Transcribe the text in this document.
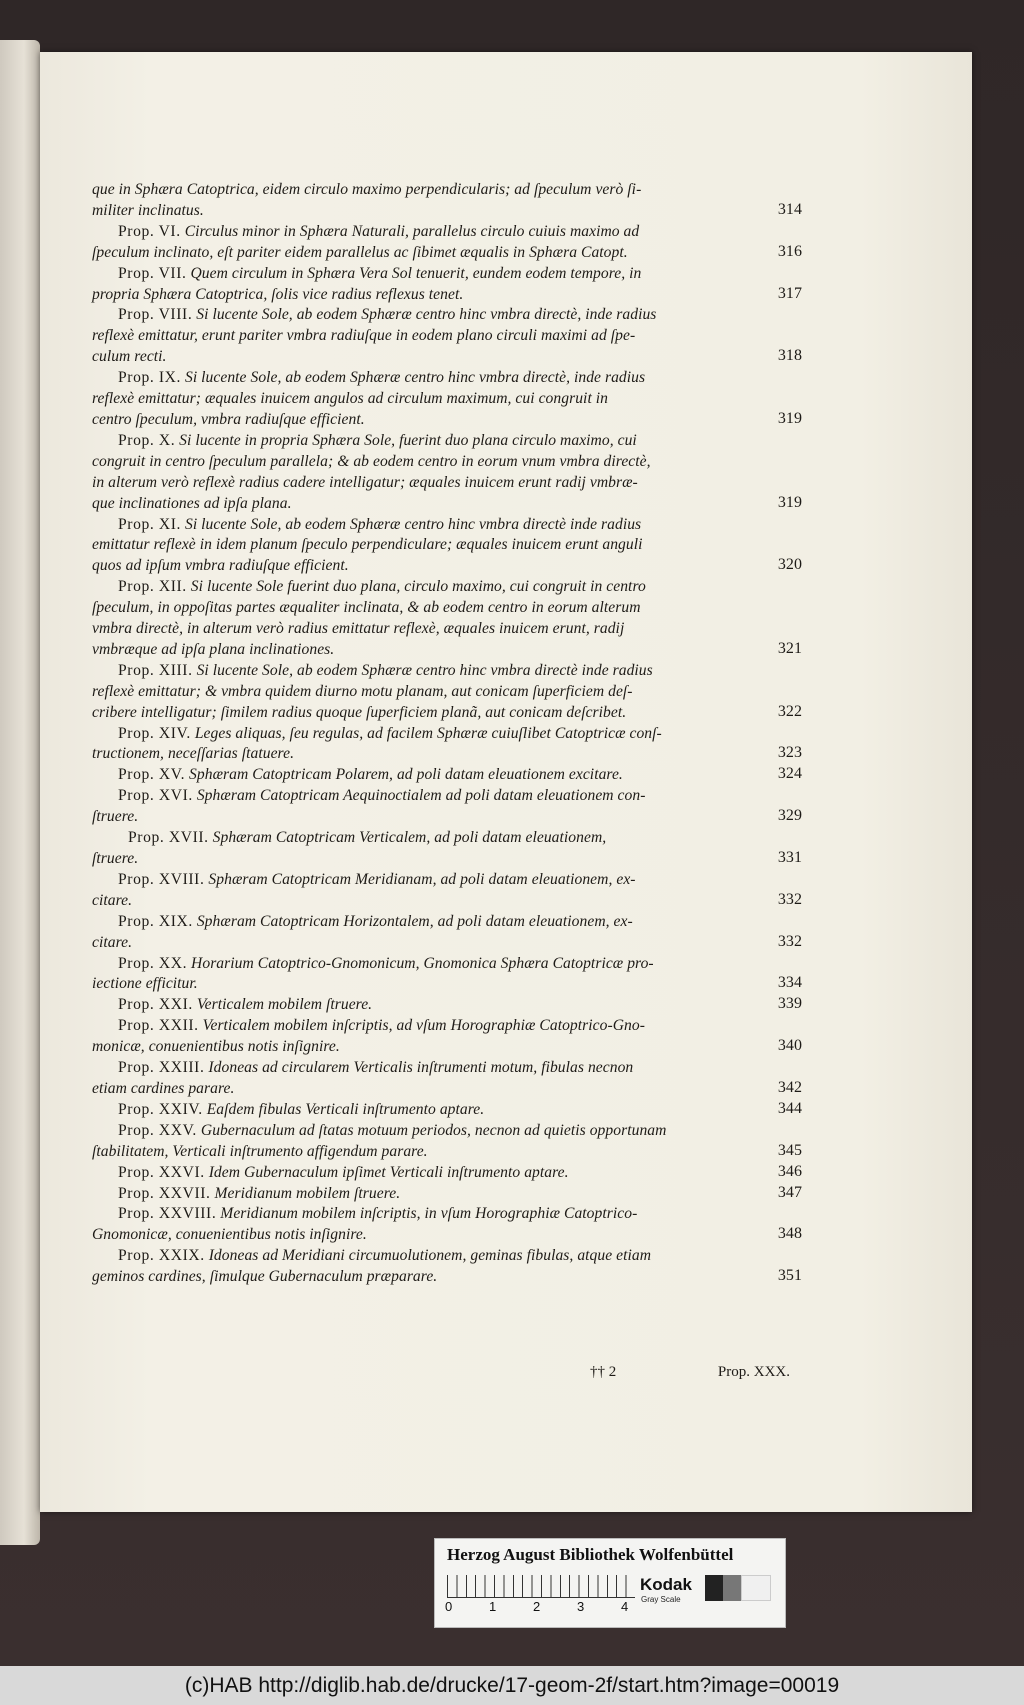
que in Sphæra Catoptrica, eidem circulo maximo perpendicularis; ad ſpeculum verò ſi-
militer inclinatus.	314
Prop. VI. Circulus minor in Sphæra Naturali, parallelus circulo cuiuis maximo ad
ſpeculum inclinato, eſt pariter eidem parallelus ac ſibimet æqualis in Sphæra Catopt.	316
Prop. VII. Quem circulum in Sphæra Vera Sol tenuerit, eundem eodem tempore, in
propria Sphæra Catoptrica, ſolis vice radius reflexus tenet.	317
Prop. VIII. Si lucente Sole, ab eodem Sphæræ centro hinc vmbra directè, inde radius
reflexè emittatur, erunt pariter vmbra radiuſque in eodem plano circuli maximi ad ſpe-
culum recti.	318
Prop. IX. Si lucente Sole, ab eodem Sphæræ centro hinc vmbra directè, inde radius
reflexè emittatur; æquales inuicem angulos ad circulum maximum, cui congruit in
centro ſpeculum, vmbra radiuſque efficient.	319
Prop. X. Si lucente in propria Sphæra Sole, fuerint duo plana circulo maximo, cui
congruit in centro ſpeculum parallela; & ab eodem centro in eorum vnum vmbra directè,
in alterum verò reflexè radius cadere intelligatur; æquales inuicem erunt radij vmbræ-
que inclinationes ad ipſa plana.	319
Prop. XI. Si lucente Sole, ab eodem Sphæræ centro hinc vmbra directè inde radius
emittatur reflexè in idem planum ſpeculo perpendiculare; æquales inuicem erunt anguli
quos ad ipſum vmbra radiuſque efficient.	320
Prop. XII. Si lucente Sole fuerint duo plana, circulo maximo, cui congruit in centro
ſpeculum, in oppoſitas partes æqualiter inclinata, & ab eodem centro in eorum alterum
vmbra directè, in alterum verò radius emittatur reflexè, æquales inuicem erunt, radij
vmbræque ad ipſa plana inclinationes.	321
Prop. XIII. Si lucente Sole, ab eodem Sphæræ centro hinc vmbra directè inde radius
reflexè emittatur; & vmbra quidem diurno motu planam, aut conicam ſuperficiem deſ-
cribere intelligatur; ſimilem radius quoque ſuperficiem planã, aut conicam deſcribet.	322
Prop. XIV. Leges aliquas, ſeu regulas, ad facilem Sphæræ cuiuſlibet Catoptricæ conſ-
tructionem, neceſſarias ſtatuere.	323
Prop. XV. Sphæram Catoptricam Polarem, ad poli datam eleuationem excitare.	324
Prop. XVI. Sphæram Catoptricam Aequinoctialem ad poli datam eleuationem con-
ſtruere.	329
Prop. XVII. Sphæram Catoptricam Verticalem, ad poli datam eleuationem,
ſtruere.	331
Prop. XVIII. Sphæram Catoptricam Meridianam, ad poli datam eleuationem, ex-
citare.	332
Prop. XIX. Sphæram Catoptricam Horizontalem, ad poli datam eleuationem, ex-
citare.	332
Prop. XX. Horarium Catoptrico-Gnomonicum, Gnomonica Sphæra Catoptricæ pro-
iectione efficitur.	334
Prop. XXI. Verticalem mobilem ſtruere.	339
Prop. XXII. Verticalem mobilem inſcriptis, ad vſum Horographiæ Catoptrico-Gno-
monicæ, conuenientibus notis inſignire.	340
Prop. XXIII. Idoneas ad circularem Verticalis inſtrumenti motum, fibulas necnon
etiam cardines parare.	342
Prop. XXIV. Eaſdem fibulas Verticali inſtrumento aptare.	344
Prop. XXV. Gubernaculum ad ſtatas motuum periodos, necnon ad quietis opportunam
ſtabilitatem, Verticali inſtrumento affigendum parare.	345
Prop. XXVI. Idem Gubernaculum ipſimet Verticali inſtrumento aptare.	346
Prop. XXVII. Meridianum mobilem ſtruere.	347
Prop. XXVIII. Meridianum mobilem inſcriptis, in vſum Horographiæ Catoptrico-
Gnomonicæ, conuenientibus notis inſignire.	348
Prop. XXIX. Idoneas ad Meridiani circumuolutionem, geminas fibulas, atque etiam
geminos cardines, ſimulque Gubernaculum præparare.	351
†† 2	Prop. XXX.
Herzog August Bibliothek Wolfenbüttel
0	1	2	3	4
Kodak
Gray Scale
(c)HAB http://diglib.hab.de/drucke/17-geom-2f/start.htm?image=00019
